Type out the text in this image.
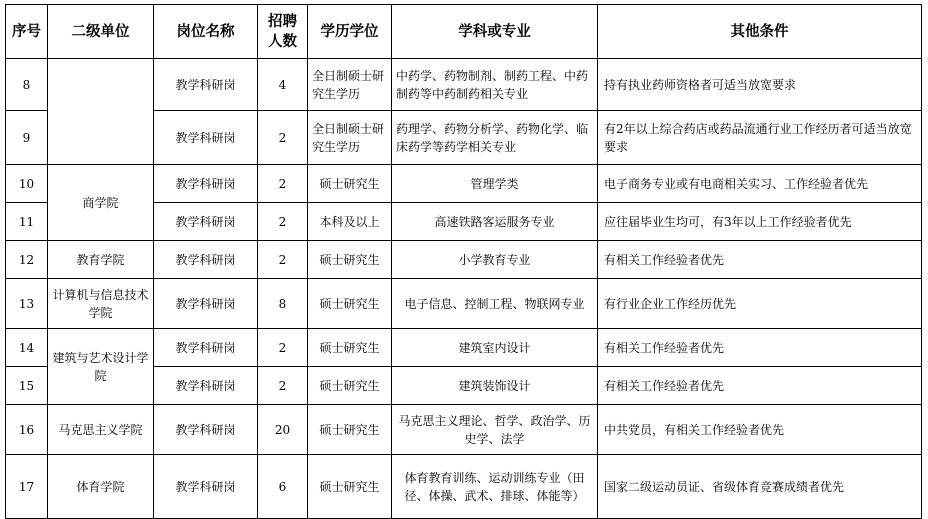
序号	二级单位	岗位名称	招聘人数	学历学位	学科或专业	其他条件
8		教学科研岗	4	全日制硕士研究生学历	中药学、药物制剂、制药工程、中药制药等中药制药相关专业	持有执业药师资格者可适当放宽要求
9		教学科研岗	2	全日制硕士研究生学历	药理学、药物分析学、药物化学、临床药学等药学相关专业	有2年以上综合药店或药品流通行业工作经历者可适当放宽要求
10	商学院	教学科研岗	2	硕士研究生	管理学类	电子商务专业或有电商相关实习、工作经验者优先
11		教学科研岗	2	本科及以上	高速铁路客运服务专业	应往届毕业生均可，有3年以上工作经验者优先
12	教育学院	教学科研岗	2	硕士研究生	小学教育专业	有相关工作经验者优先
13	计算机与信息技术学院	教学科研岗	8	硕士研究生	电子信息、控制工程、物联网专业	有行业企业工作经历优先
14	建筑与艺术设计学院	教学科研岗	2	硕士研究生	建筑室内设计	有相关工作经验者优先
15		教学科研岗	2	硕士研究生	建筑装饰设计	有相关工作经验者优先
16	马克思主义学院	教学科研岗	20	硕士研究生	马克思主义理论、哲学、政治学、历史学、法学	中共党员，有相关工作经验者优先
17	体育学院	教学科研岗	6	硕士研究生	体育教育训练、运动训练专业（田径、体操、武术、排球、体能等）	国家二级运动员证、省级体育竞赛成绩者优先
